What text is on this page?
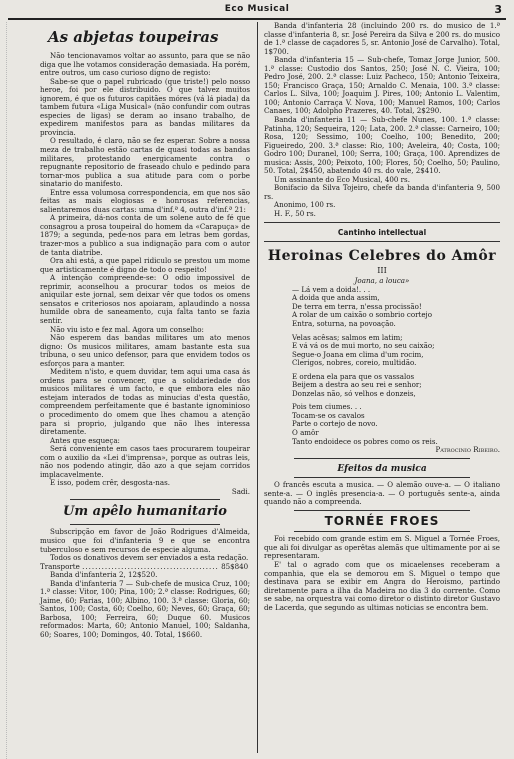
Eco Musical	3
As abjetas toupeiras

Não tencionavamos voltar ao assunto, para que se não diga que lhe votamos consideração demasiada. Ha porém, entre outros, um caso curioso digno de registo:

Sabe-se que o papel rubricado (que triste!) pelo nosso heroe, foi por ele distribuido. O que talvez muitos ignorem, é que os futuros capitães móres (vá lá piada) da tambem futura «Liga Musical» (não confundir com outras especies de ligas) se deram ao insano trabalho, de expedirem manifestos para as bandas militares da provincia.

O resultado, é claro, não se fez esperar. Sobre a nossa meza de trabalho estão cartas de quasi todas as bandas militares, protestando energicamente contra o repugnante repositorio de fraseado chulo e pedindo para tornar-mos publica a sua atitude para com o porbe sinatario do manifesto.

Entre essa volumosa correspondencia, em que nos são feitas as mais elogiosas e honrosas referencias, salientaremos duas cartas: uma d'inf.ª 4, outra d'inf.ª 21:

A primeira, dá-nos conta de um solene auto de fé que consagrou a prosa toupeiral do homem da «Carapuça» de 1879; a segunda, pede-nos para em letras bem gordas, trazer-mos a publico a sua indignação para com o autor de tanta diatribe.

Ora ahi está, a que papel ridiculo se prestou um mome que artisticamente é digno de todo o respeito!

A intenção compreende-se: O odio impossivel de reprimir, aconselhou a procurar todos os meios de aniquilar este jornal, sem deixar vêr que todos os omens sensatos e criteriosos nos apoiaram, aplaudindo a nossa humilde obra de saneamento, cuja falta tanto se fazia sentir.

Não viu isto e fez mal. Agora um conselho:

Não esperem das bandas militares um ato menos digno: Os musicos militares, amam bastante esta sua tribuna, o seu unico defensor, para que envidem todos os esforços para a manter.

Meditem n'isto, e quem duvidar, tem aqui uma casa ás ordens para se convencer, que a solidariedade dos musicos militares é um facto, e que embora eles não estejam interados de todas as minucias d'esta questão, compreendem perfeitamente que é bastante ignominioso o procedimento do omem que lhes chamou a atenção para si proprio, julgando que não lhes interessa diretamente.

Antes que esqueça:

Será conveniente em casos taes procurarem toupeirar com o auxilio da «Lei d'imprensa», porque as outras leis, não nos podendo atingir, dão azo a que sejam corridos implacavelmente.

E isso, podem crêr, desgosta-nas.

Sadi.

Um apêlo humanitario

Subscripção em favor de João Rodrigues d'Almeida, musico que foi d'infanteria 9 e que se encontra tuberculoso e sem recursos de especie alguma.

Todos os donativos devem ser enviados a esta redação.

Transporte .......................................... 85$840

Banda d'infanteria 2, 12$520.

Banda d'infanteria 7 — Sub-chefe de musica Cruz, 100; 1.ª classe: Vitor, 100; Pina, 100; 2.ª classe: Rodrigues, 60; Jaime, 60; Farias, 100; Albino, 100. 3.ª classe: Gloria, 60; Santos, 100; Costa, 60; Coelho, 60; Neves, 60; Graça, 60; Barbosa, 100; Ferreira, 60; Duque 60. Musicos reformados: Marta, 60; Antonio Manuel, 100; Saldanha, 60; Soares, 100; Domingos, 40. Total, 1$660.

Banda d'infanteria 28 (incluindo 200 rs. do musico de 1.ª classe d'infanteria 8, sr. José Pereira da Silva e 200 rs. do musico de 1.ª classe de caçadores 5, sr. Antonio José de Carvalho). Total, 1$700.

Banda d'infanteria 15 — Sub-chefe, Tomaz Jorge Junior, 500. 1.ª classe: Custodio dos Santos, 250; José N. C. Vieira, 100; Pedro José, 200. 2.ª classe: Luiz Pacheco, 150; Antonio Teixeira, 150; Francisco Graça, 150; Arnaldo C. Menaia, 100. 3.ª classe: Carlos L. Silva, 100; Joaquim J. Pires, 100; Antonio L. Valentim, 100; Antonio Carraça V. Nova, 100; Manuel Ramos, 100; Carlos Canaes, 100; Adolpho Prazeres, 40. Total, 2$290.

Banda d'infanteria 11 — Sub-chefe Nunes, 100. 1.ª classe: Patinha, 120; Sequeira, 120; Lata, 200. 2.ª classe: Carneiro, 100; Rosa, 120; Sessimo, 100; Coelho, 100; Benedito, 200; Figueiredo, 200. 3.ª classe: Rio, 100; Aveleira, 40; Costa, 100; Godro 100; Duranel, 100; Serra, 100; Graça, 100. Aprendizes de musica: Assis, 200; Peixoto, 100; Flores, 50; Coelho, 50; Paulino, 50. Total, 2$450, abatendo 40 rs. do vale, 2$410.

Um assinante do Eco Musical, 400 rs.

Bonifacio da Silva Tojeiro, chefe da banda d'infanteria 9, 500 rs.

Anonimo, 100 rs.

H. F., 50 rs.

Cantinho intellectual
Heroinas Celebres do Amôr
III

Joana, a louca»

— Lá vem a doida!. . .

A doida que anda assim,

De terra em terra, n'essa procissão!

A rolar de um caixão o sombrio cortejo

Entra, soturna, na povoação.

Velas acêsas; salmos em latim;

E vá vá os de mui morto, no seu caixão;

Segue-o Joana em clima d'um rocim,

Clerigos, nobres, coreio, multidão.

E ordena ela para que os vassalos

Beijem a destra ao seu rei e senhor;

Donzelas não, só velhos e donzeis,

Pois tem ciumes. . .

Tocam-se os cavalos

Parte o cortejo de novo.

O amôr

Tanto endoidece os pobres como os reis.

Patrocinio Ribeiro.

Efeitos da musica

O francês escuta a musica. — O alemão ouve-a. — O italiano sente-a. — O inglês presencia-a. — O português sente-a, ainda quando não a compreenda.

TORNÉE FROES

Foi recebido com grande estim em S. Miguel a Tornée Froes, que ali foi divulgar as operêtas alemãs que ultimamente por ai se representaram.

E' tal o agrado com que os micaelenses receberam a companhia, que ela se demorou em S. Miguel o tempo que destinava para se exibir em Angra do Heroismo, partindo diretamente para a ilha da Madeira no dia 3 do corrente. Como se sabe, na orquestra vai como diretor o distinto diretor Gustavo de Lacerda, que segundo as ultimas noticias se encontra bem.
